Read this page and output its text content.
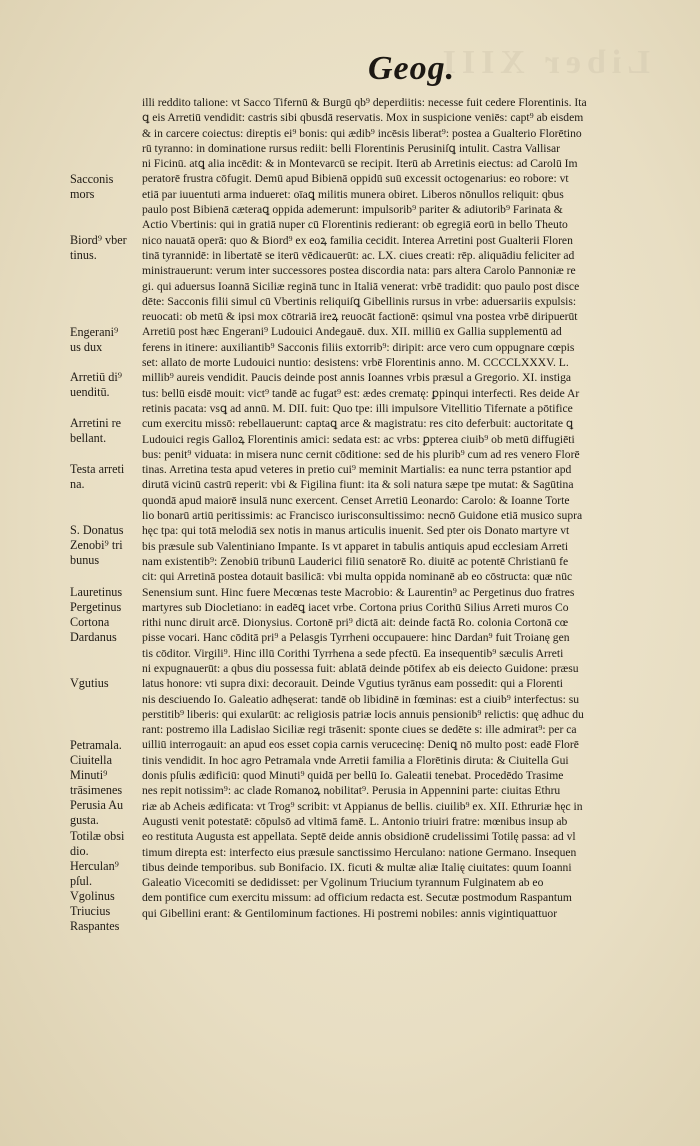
Liber XIII
Geog.
illi reddito talione: vt Sacco Tifernū & Burgū qb⁹ deperdiitis: necesse fuit cedere Florentinis. Ita
ꝗ eis Arretiū vendidit: castris sibi qbusdā reservatis. Mox in suspicione veniēs: capt⁹ ab eisdem
& in carcere coiectus: direptis ei⁹ bonis: qui ædib⁹ incēsis liberat⁹: postea a Gualterio Florētino
rū tyranno: in dominatione rursus rediit: belli Florentinis Perusiniſꝗ intulit. Castra Vallisar
ni Ficinū. atꝗ alia incēdit: & in Montevarcū se recipit. Iterū ab Arretinis eiectus: ad Carolū Im
peratorē frustra cōfugit. Demū apud Bibienā oppidū suū excessit octogenarius: eo robore: vt
etiā par iuuentuti arma indueret: oīaꝗ militis munera obiret. Liberos nōnullos reliquit: qbus
paulo post Bibienā cæteraꝗ oppida ademerunt: impulsorib⁹ pariter & adiutorib⁹ Farinata &
Actio Vbertinis: qui in gratiā nuper cū Florentinis redierant: ob egregiā eorū in bello Theuto
nico nauatā operā: quo & Biord⁹ ex eoꝝ familia cecidit. Interea Arretini post Gualterii Floren
tinā tyrannidē: in libertatē se iterū vēdicauerūt: ac. LX. ciues creati: rēp. aliquādiu feliciter ad
ministrauerunt: verum inter successores postea discordia nata: pars altera Carolo Pannoniæ re
gi. qui aduersus Ioannā Siciliæ reginā tunc in Italiā venerat: vrbē tradidit: quo paulo post disce
dēte: Sacconis filii simul cū Vbertinis reliquiſꝗ Gibellinis rursus in vrbe: aduersariis expulsis:
reuocati: ob metū & ipsi mox cōtrariā ireꝝ reuocāt factionē: qsimul vna postea vrbē diripuerūt
Arretiū post hæc Engerani⁹ Ludouici Andegauē. dux. XII. milliū ex Gallia supplementū ad
ferens in itinere: auxiliantib⁹ Sacconis filiis extorrib⁹: diripit: arce vero cum oppugnare cœpis
set: allato de morte Ludouici nuntio: desistens: vrbē Florentinis anno. M. CCCCLXXXV. L.
millib⁹ aureis vendidit. Paucis deinde post annis Ioannes vrbis præsul a Gregorio. XI. instiga
tus: bellū eisdē mouit: vict⁹ tandē ac fugat⁹ est: ædes crematę: ꝑpinqui interfecti. Res deide Ar
retinis pacata: vsꝗ ad annū. M. DII. fuit: Quo tpe: illi impulsore Vitellitio Tifernate a pōtifice
cum exercitu missō: rebellauerunt: captaꝗ arce & magistratu: res cito deferbuit: auctoritate ꝗ
Ludouici regis Galloꝝ Florentinis amici: sedata est: ac vrbs: ꝑpterea ciuib⁹ ob metū diffugiēti
bus: penit⁹ viduata: in misera nunc cernit cōditione: sed de his plurib⁹ cum ad res venero Florē
tinas. Arretina testa apud veteres in pretio cui⁹ meminit Martialis: ea nunc terra pstantior apd
dirutā vicinū castrū reperit: vbi & Figilina fiunt: ita & soli natura sæpe tpe mutat: & Sagūtina
quondā apud maiorē insulā nunc exercent. Censet Arretiū Leonardo: Carolo: & Ioanne Torte
lio bonarū artiū peritissimis: ac Francisco iurisconsultissimo: necnō Guidone etiā musico supra
hęc tpa: qui totā melodiā sex notis in manus articulis inuenit. Sed pter ois Donato martyre vt
bis præsule sub Valentiniano Impante. Is vt apparet in tabulis antiquis apud ecclesiam Arreti
nam existentib⁹: Zenobiū tribunū Lauderici filiū senatorē Ro. diuitē ac potentē Christianū fe
cit: qui Arretinā postea dotauit basilicā: vbi multa oppida nominanē ab eo cōstructa: quæ nūc
Senensium sunt. Hinc fuere Mecœnas teste Macrobio: & Laurentin⁹ ac Pergetinus duo fratres
martyres sub Diocletiano: in eadēꝗ iacet vrbe. Cortona prius Corithū Silius Arreti muros Co
rithi nunc diruit arcē. Dionysius. Cortonē pri⁹ dictā ait: deinde factā Ro. colonia Cortonā cœ
pisse vocari. Hanc cōditā pri⁹ a Pelasgis Tyrrheni occupauere: hinc Dardan⁹ fuit Troianę gen
tis cōditor. Virgili⁹. Hinc illū Corithi Tyrrhena a sede pfectū. Ea insequentib⁹ sæculis Arreti
ni expugnauerūt: a qbus diu possessa fuit: ablatā deinde pōtifex ab eis deiecto Guidone: præsu
latus honore: vti supra dixi: decorauit. Deinde Vgutius tyrānus eam possedit: qui a Florenti
nis desciuendo Io. Galeatio adhęserat: tandē ob libidinē in fœminas: est a ciuib⁹ interfectus: su
perstitib⁹ liberis: qui exularūt: ac religiosis patriæ locis annuis pensionib⁹ relictis: quę adhuc du
rant: postremo illa Ladislao Siciliæ regi trāsenit: sponte ciues se dedēte s: ille admirat⁹: per ca
uilliū interrogauit: an apud eos esset copia carnis verucecinę: Deniꝗ nō multo post: eadē Florē
tinis vendidit. In hoc agro Petramala vnde Arretii familia a Florētinis diruta: & Ciuitella Gui
donis pſulis ædificiū: quod Minuti⁹ quidā per bellū Io. Galeatii tenebat. Procedēdo Trasime
nes repit notissim⁹: ac clade Romanoꝝ nobilitat⁹. Perusia in Appennini parte: ciuitas Ethru
riæ ab Acheis ædificata: vt Trog⁹ scribit: vt Appianus de bellis. ciuilib⁹ ex. XII. Ethruriæ hęc in
Augusti venit potestatē: cōpulsō ad vltimā famē. L. Antonio triuiri fratre: mœnibus insup ab
eo restituta Augusta est appellata. Septē deide annis obsidionē crudelissimi Totilę passa: ad vl
timum direpta est: interfecto eius præsule sanctissimo Herculano: natione Germano. Insequen
tibus deinde temporibus. sub Bonifacio. IX. ficuti & multæ aliæ Italię ciuitates: quum Ioanni
Galeatio Vicecomiti se dedidisset: per Vgolinum Triucium tyrannum Fulginatem ab eo
dem pontifice cum exercitu missum: ad officium redacta est. Secutæ postmodum Raspantum
qui Gibellini erant: & Gentilominum factiones. Hi postremi nobiles: annis vigintiquattuor
Sacconis
mors
Biord⁹ vber
tinus.
Engerani⁹
us dux
Arretiū di⁹
uenditū.
Arretini re
bellant.
Testa arreti
na.
S. Donatus
Zenobi⁹ tri
bunus
Lauretinus
Pergetinus
Cortona
Dardanus
Vgutius
Petramala.
Ciuitella
Minuti⁹
trāsimenes
Perusia Au
gusta.
Totilæ obsi
dio.
Herculan⁹
pſul.
Vgolinus
Triucius
Raspantes
